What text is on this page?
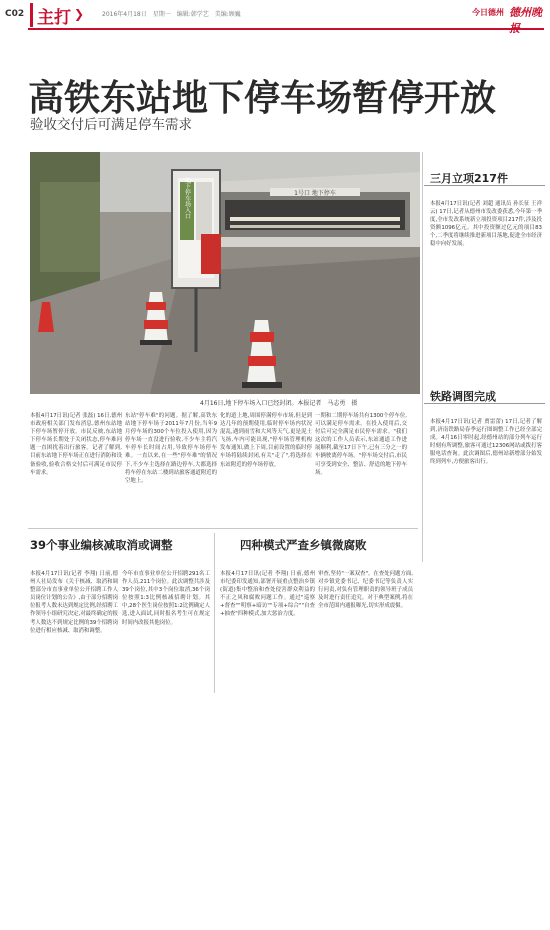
C02 主打 ❯	2016年4月18日　星期一　编辑:韩学艺　美编:顾巍	今日德州 德州晚报
高铁东站地下停车场暂停开放
验收交付后可满足停车需求
1号口 地下停车
地下停车场入口
4月16日,地下停车场入口已经封闭。本报记者　马志勇　摄
本报4月17日讯(记者 张磊) 16日,德州市政府相关部门发布消息,德州东站地下停车场暂停开放。市民反映,东站地下停车场长期处于关闭状态,停车难问题一直困扰着出行旅客。记者了解到,目前东站地下停车场正在进行消防和设备验收,验收合格交付后可满足市民停车需求。
东站"停车难"的问题。据了解,高铁东站地下停车场于2011年7月份,当年9月停车场的300个车位投入使用,因为停车场一直没进行验收,不少车主将汽车停车长时间占用,导致停车场停车难。一直以来,在一些"停车难"的情况下,不少车主选择在路边停车,大都选择将车停在东站二楼到站旅客通道附近的空地上。
化的道上地,周围停满停车市场,但是到达几年的预期使用,临时停车场内状况混乱,遇到雨雪和大风等天气,更是泥土飞扬,车内可能出现,"停车场管理机构发布通知,做上下周,目前设置的临时停车场将陆续封闭,有关"走了",将选择在东站附近的停车场停放。
一期和二期停车场共有1300个停车位,可以满足停车需求。在投入使用后,交付后可完全满足市民停车需求。"我们这次的工作人员表示,东站通道工作进展顺利,截至17日下午,已有三分之一的车辆驶离停车场。"停车场交付后,市民可享受到安全、整洁、舒适的地下停车场。
三月立项217件
本报4月17日讯(记者 刘超 通讯员 孙长征 王祥云) 17日,记者从德州市发改委获悉,今年第一季度,全市发改系统新立项投资项目217件,涉及投资额1096亿元。其中投资额过亿元的项目83个,二季度将继续推进新项目落地,促进全市经济稳中向好发展。
铁路调图完成
本报4月17日讯(记者 贾雷蕾) 17日,记者了解到,济南铁路局春季运行图调整工作已经全部完成。4月16日零时起,经德州站的部分列车运行时刻有所调整,旅客可通过12306网站或拨打客服电话查询。此次调图后,德州站新增部分始发终到列车,方便旅客出行。
39个事业编核减取消或调整
本报4月17日讯(记者 李翔) 日前,德州人社局发布《关于核减、取消和调整部分市直事业单位公开招聘工作人员岗位计划的公告》,由于部分招聘岗位报考人数未达到规定比例,经招聘工作领导小组研究决定,对最终确定的报考人数达不到规定比例的39个招聘岗位进行相应核减、取消和调整。
今年市直事业单位公开招聘291名工作人员,211个岗位。此次调整共涉及39个岗位,其中3个岗位取消,36个岗位按照1:3比例核减招聘计划。其中,28个医生岗位按照1:2比例确定人选,进入面试,同时报名考生可在规定时间内改报其他岗位。
四种模式严查乡镇微腐败
本报4月17日讯(记者 李翔) 日前,德州市纪委印发通知,部署开展重点整治乡镇(街道)集中整治和查处侵害群众利益的不正之风和腐败问题工作。通过"巡察+督查""明察+暗访""专项+综合""自查+抽查"四种模式,加大惩治力度。
审查,坚持"一案双查"。在查处问题方面,对乡镇党委书记、纪委书记等负责人实行问责,对负有管理职责的领导班子成员及时进行责任追究。对于典型案例,将在全市范围内通报曝光,切实形成震慑。
